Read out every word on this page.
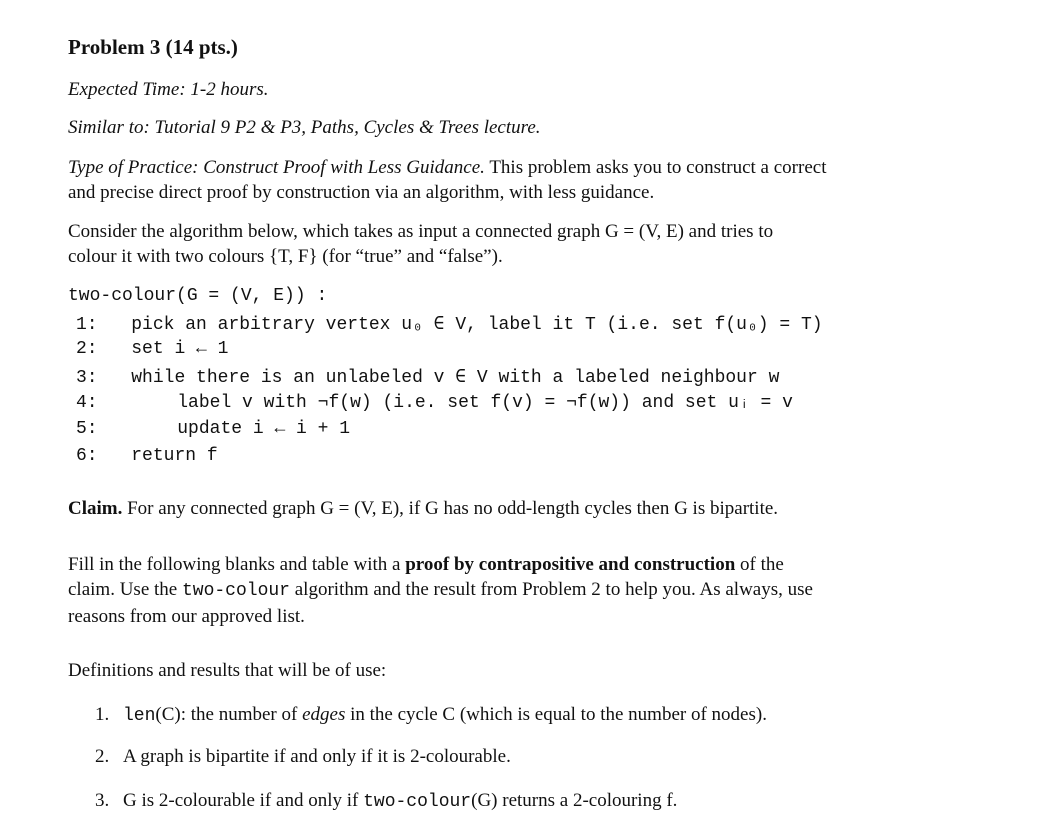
Problem 3 (14 pts.)
Expected Time: 1-2 hours.
Similar to: Tutorial 9 P2 & P3, Paths, Cycles & Trees lecture.
Type of Practice: Construct Proof with Less Guidance. This problem asks you to construct a correct
and precise direct proof by construction via an algorithm, with less guidance.
Consider the algorithm below, which takes as input a connected graph G = (V, E) and tries to
colour it with two colours {T, F} (for “true” and “false”).
two-colour(G = (V, E)) :
1: pick an arbitrary vertex u₀ ∈ V, label it T (i.e. set f(u₀) = T)
2: set i ← 1
3: while there is an unlabeled v ∈ V with a labeled neighbour w
4:	label v with ¬f(w) (i.e. set f(v) = ¬f(w)) and set uᵢ = v
5:	update i ← i + 1
6: return f
Claim. For any connected graph G = (V, E), if G has no odd-length cycles then G is bipartite.
Fill in the following blanks and table with a proof by contrapositive and construction of the
claim. Use the two-colour algorithm and the result from Problem 2 to help you. As always, use
reasons from our approved list.
Definitions and results that will be of use:
1. len(C): the number of edges in the cycle C (which is equal to the number of nodes).
2. A graph is bipartite if and only if it is 2-colourable.
3. G is 2-colourable if and only if two-colour(G) returns a 2-colouring f.
